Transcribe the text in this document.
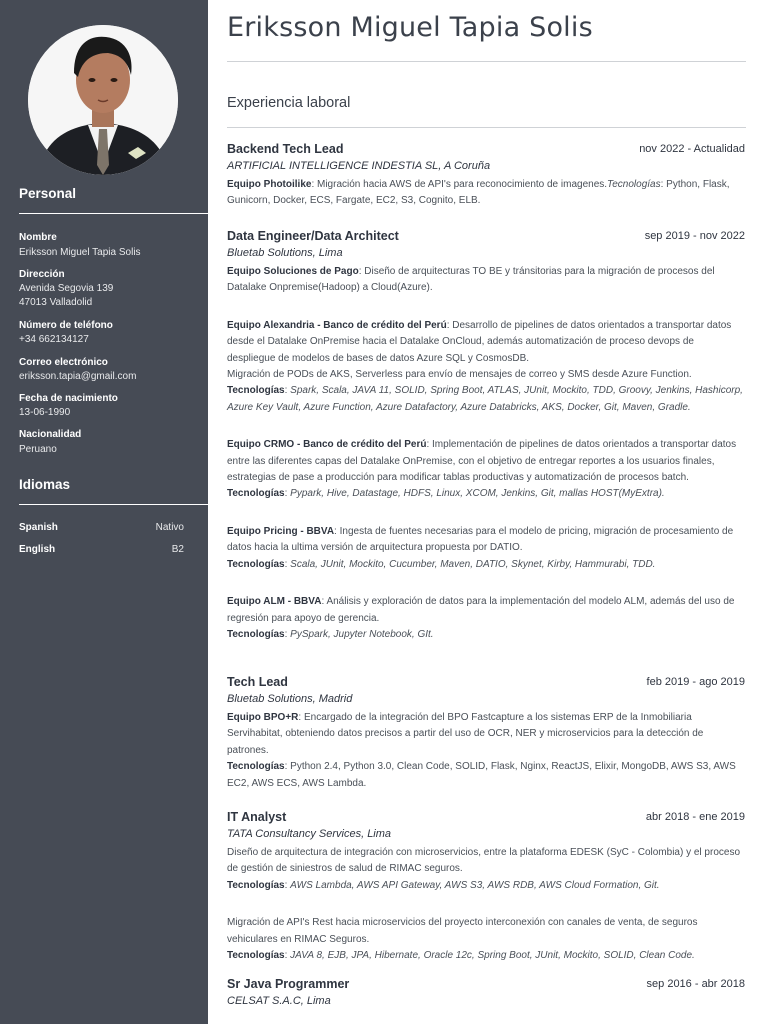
Personal
Nombre
Eriksson Miguel Tapia Solis
Dirección
Avenida Segovia 139
47013 Valladolid
Número de teléfono
+34 662134127
Correo electrónico
eriksson.tapia@gmail.com
Fecha de nacimiento
13-06-1990
Nacionalidad
Peruano
Idiomas
Spanish	Nativo
English	B2
Eriksson Miguel Tapia Solis
Experiencia laboral
Backend Tech Lead	nov 2022 - Actualidad
ARTIFICIAL INTELLIGENCE INDESTIA SL, A Coruña
Equipo Photoilike: Migración hacia AWS de API's para reconocimiento de imagenes.Tecnologías: Python, Flask, Gunicorn, Docker, ECS, Fargate, EC2, S3, Cognito, ELB.
Data Engineer/Data Architect	sep 2019 - nov 2022
Bluetab Solutions, Lima
Equipo Soluciones de Pago: Diseño de arquitecturas TO BE y tránsitorias para la migración de procesos del Datalake Onpremise(Hadoop) a Cloud(Azure).
Equipo Alexandria - Banco de crédito del Perú: Desarrollo de pipelines de datos orientados a transportar datos desde el Datalake OnPremise hacia el Datalake OnCloud, además automatización de proceso devops de despliegue de modelos de bases de datos Azure SQL y CosmosDB.
Migración de PODs de AKS, Serverless para envío de mensajes de correo y SMS desde Azure Function.
Tecnologías: Spark, Scala, JAVA 11, SOLID, Spring Boot, ATLAS, JUnit, Mockito, TDD, Groovy, Jenkins, Hashicorp, Azure Key Vault, Azure Function, Azure Datafactory, Azure Databricks, AKS, Docker, Git, Maven, Gradle.
Equipo CRMO - Banco de crédito del Perú: Implementación de pipelines de datos orientados a transportar datos entre las diferentes capas del Datalake OnPremise, con el objetivo de entregar reportes a los usuarios finales,
estrategias de pase a producción para modificar tablas productivas y automatización de procesos batch.
Tecnologías: Pypark, Hive, Datastage, HDFS, Linux, XCOM, Jenkins, Git, mallas HOST(MyExtra).
Equipo Pricing - BBVA: Ingesta de fuentes necesarias para el modelo de pricing, migración de procesamiento de datos hacia la ultima versión de arquitectura propuesta por DATIO.
Tecnologías: Scala, JUnit, Mockito, Cucumber, Maven, DATIO, Skynet, Kirby, Hammurabi, TDD.
Equipo ALM - BBVA: Análisis y exploración de datos para la implementación del modelo ALM, además del uso de regresión para apoyo de gerencia.
Tecnologías: PySpark, Jupyter Notebook, GIt.
Tech Lead	feb 2019 - ago 2019
Bluetab Solutions, Madrid
Equipo BPO+R: Encargado de la integración del BPO Fastcapture a los sistemas ERP de la Inmobiliaria Servihabitat, obteniendo datos precisos a partir del uso de OCR, NER y microservicios para la detección de patrones.
Tecnologías: Python 2.4, Python 3.0, Clean Code, SOLID, Flask, Nginx, ReactJS, Elixir, MongoDB, AWS S3, AWS EC2, AWS ECS, AWS Lambda.
IT Analyst	abr 2018 - ene 2019
TATA Consultancy Services, Lima
Diseño de arquitectura de integración con microservicios, entre la plataforma EDESK (SyC - Colombia) y el proceso de gestión de siniestros de salud de RIMAC seguros.
Tecnologías: AWS Lambda, AWS API Gateway, AWS S3, AWS RDB, AWS Cloud Formation, Git.
Migración de API's Rest hacia microservicios del proyecto interconexión con canales de venta, de seguros vehiculares en RIMAC Seguros.
Tecnologías: JAVA 8, EJB, JPA, Hibernate, Oracle 12c, Spring Boot, JUnit, Mockito, SOLID, Clean Code.
Sr Java Programmer	sep 2016 - abr 2018
CELSAT S.A.C, Lima
